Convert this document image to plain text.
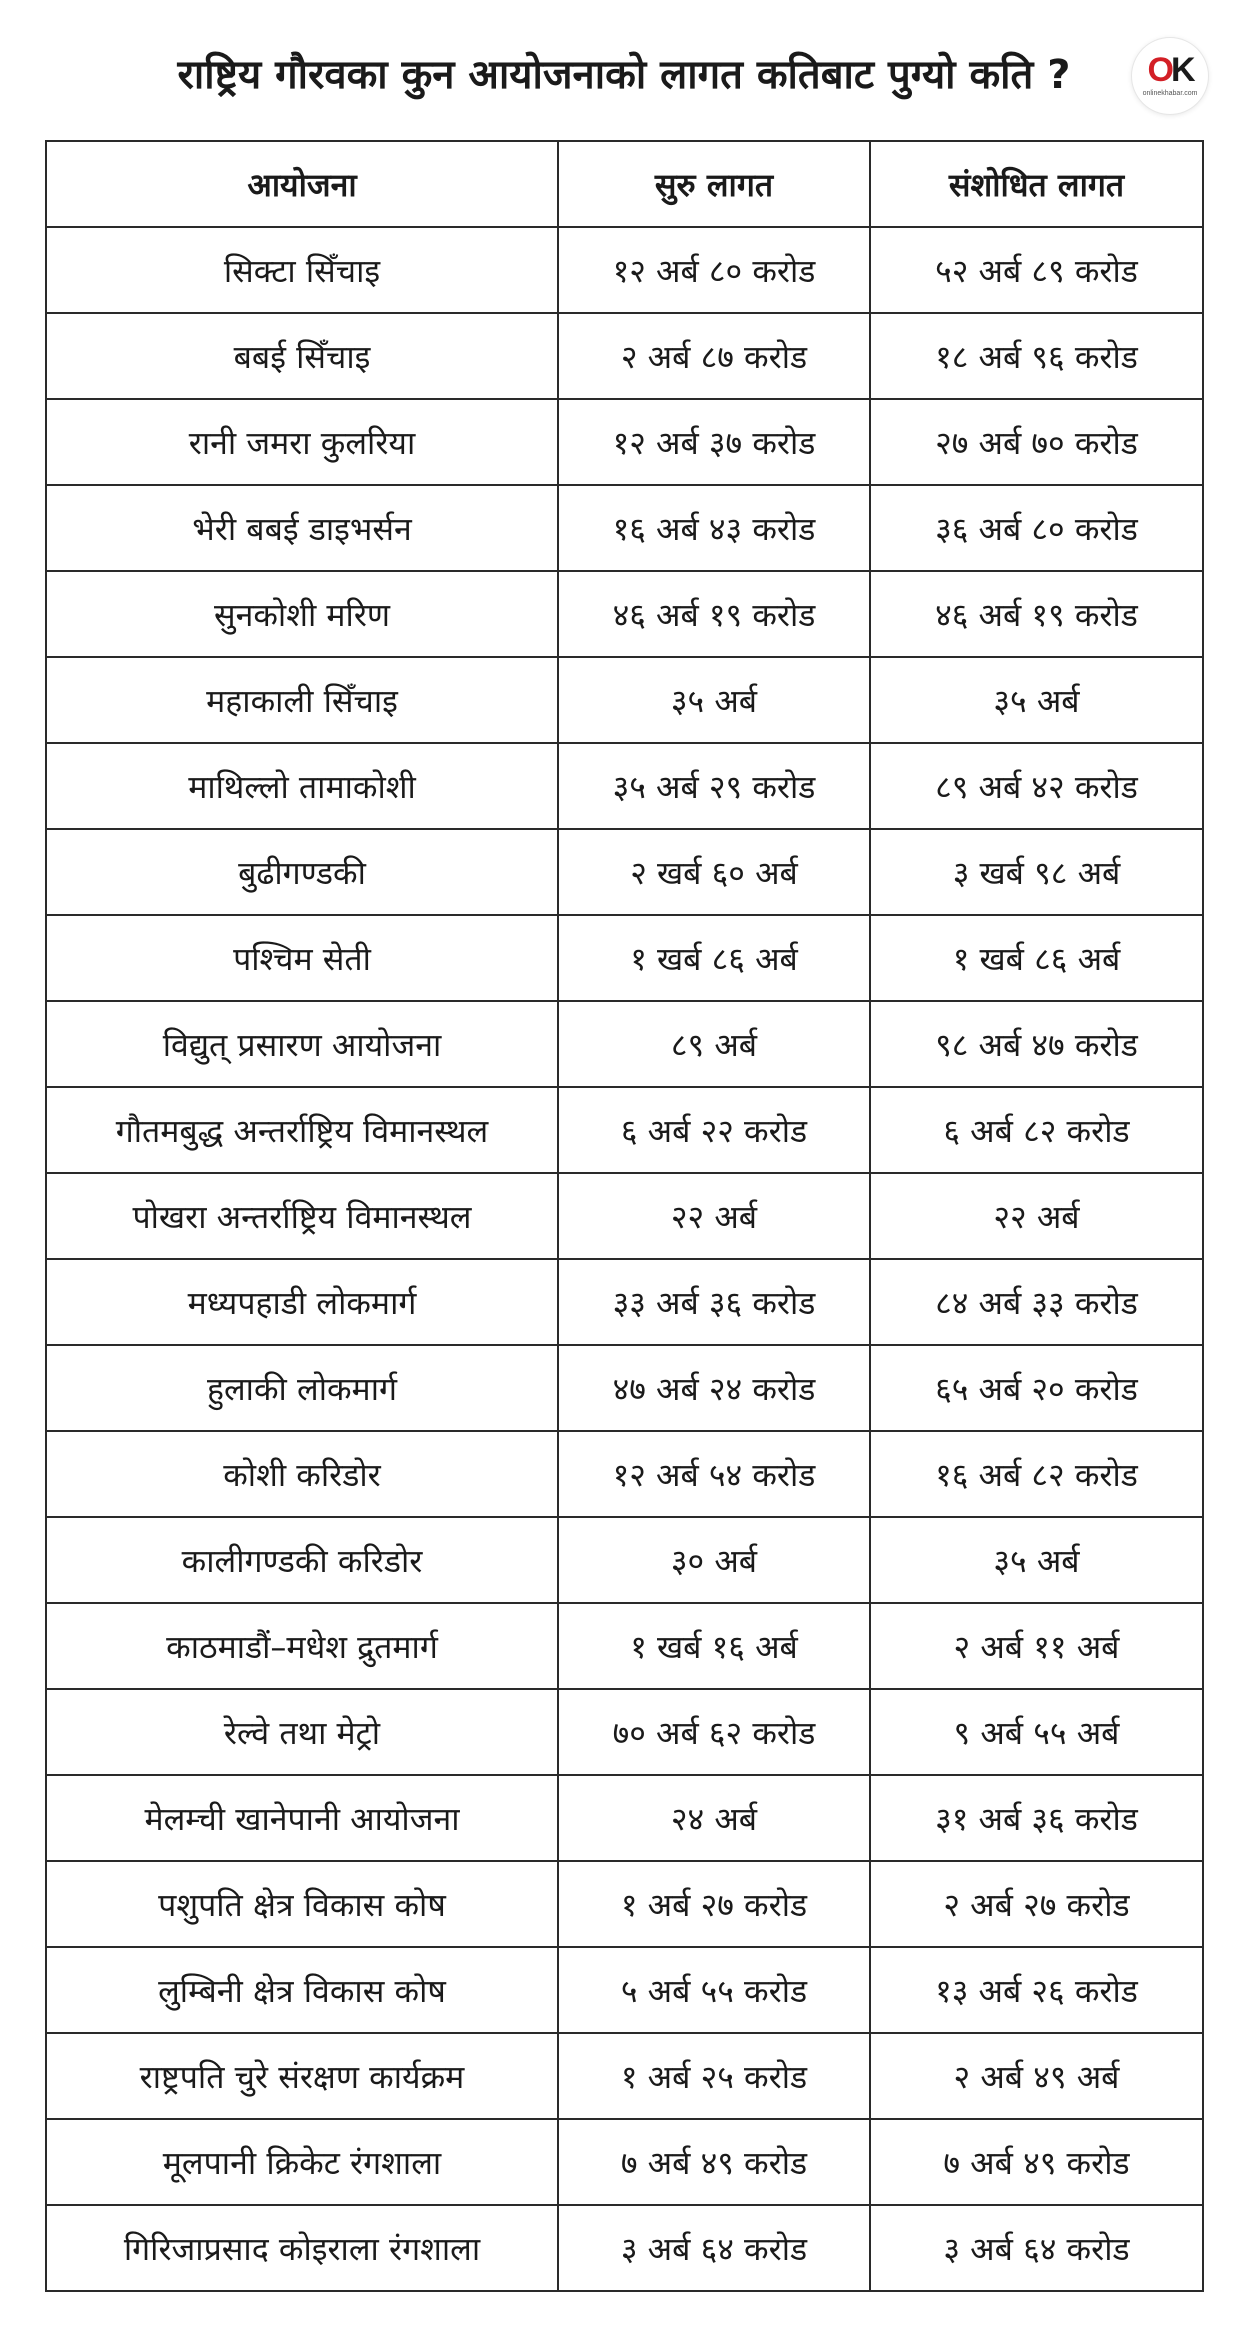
राष्ट्रिय गौरवका कुन आयोजनाको लागत कतिबाट पुग्यो कति ?	OK
onlinekhabar.com
आयोजना	सुरु लागत	संशोधित लागत
सिक्टा सिँचाइ	१२ अर्ब ८० करोड	५२ अर्ब ८९ करोड
बबई सिँचाइ	२ अर्ब ८७ करोड	१८ अर्ब ९६ करोड
रानी जमरा कुलरिया	१२ अर्ब ३७ करोड	२७ अर्ब ७० करोड
भेरी बबई डाइभर्सन	१६ अर्ब ४३ करोड	३६ अर्ब ८० करोड
सुनकोशी मरिण	४६ अर्ब १९ करोड	४६ अर्ब १९ करोड
महाकाली सिँचाइ	३५ अर्ब	३५ अर्ब
माथिल्लो तामाकोशी	३५ अर्ब २९ करोड	८९ अर्ब ४२ करोड
बुढीगण्डकी	२ खर्ब ६० अर्ब	३ खर्ब ९८ अर्ब
पश्चिम सेती	१ खर्ब ८६ अर्ब	१ खर्ब ८६ अर्ब
विद्युत् प्रसारण आयोजना	८९ अर्ब	९८ अर्ब ४७ करोड
गौतमबुद्ध अन्तर्राष्ट्रिय विमानस्थल	६ अर्ब २२ करोड	६ अर्ब ८२ करोड
पोखरा अन्तर्राष्ट्रिय विमानस्थल	२२ अर्ब	२२ अर्ब
मध्यपहाडी लोकमार्ग	३३ अर्ब ३६ करोड	८४ अर्ब ३३ करोड
हुलाकी लोकमार्ग	४७ अर्ब २४ करोड	६५ अर्ब २० करोड
कोशी करिडोर	१२ अर्ब ५४ करोड	१६ अर्ब ८२ करोड
कालीगण्डकी करिडोर	३० अर्ब	३५ अर्ब
काठमाडौं–मधेश द्रुतमार्ग	१ खर्ब १६ अर्ब	२ अर्ब ११ अर्ब
रेल्वे तथा मेट्रो	७० अर्ब ६२ करोड	९ अर्ब ५५ अर्ब
मेलम्ची खानेपानी आयोजना	२४ अर्ब	३१ अर्ब ३६ करोड
पशुपति क्षेत्र विकास कोष	१ अर्ब २७ करोड	२ अर्ब २७ करोड
लुम्बिनी क्षेत्र विकास कोष	५ अर्ब ५५ करोड	१३ अर्ब २६ करोड
राष्ट्रपति चुरे संरक्षण कार्यक्रम	१ अर्ब २५ करोड	२ अर्ब ४९ अर्ब
मूलपानी क्रिकेट रंगशाला	७ अर्ब ४९ करोड	७ अर्ब ४९ करोड
गिरिजाप्रसाद कोइराला रंगशाला	३ अर्ब ६४ करोड	३ अर्ब ६४ करोड
